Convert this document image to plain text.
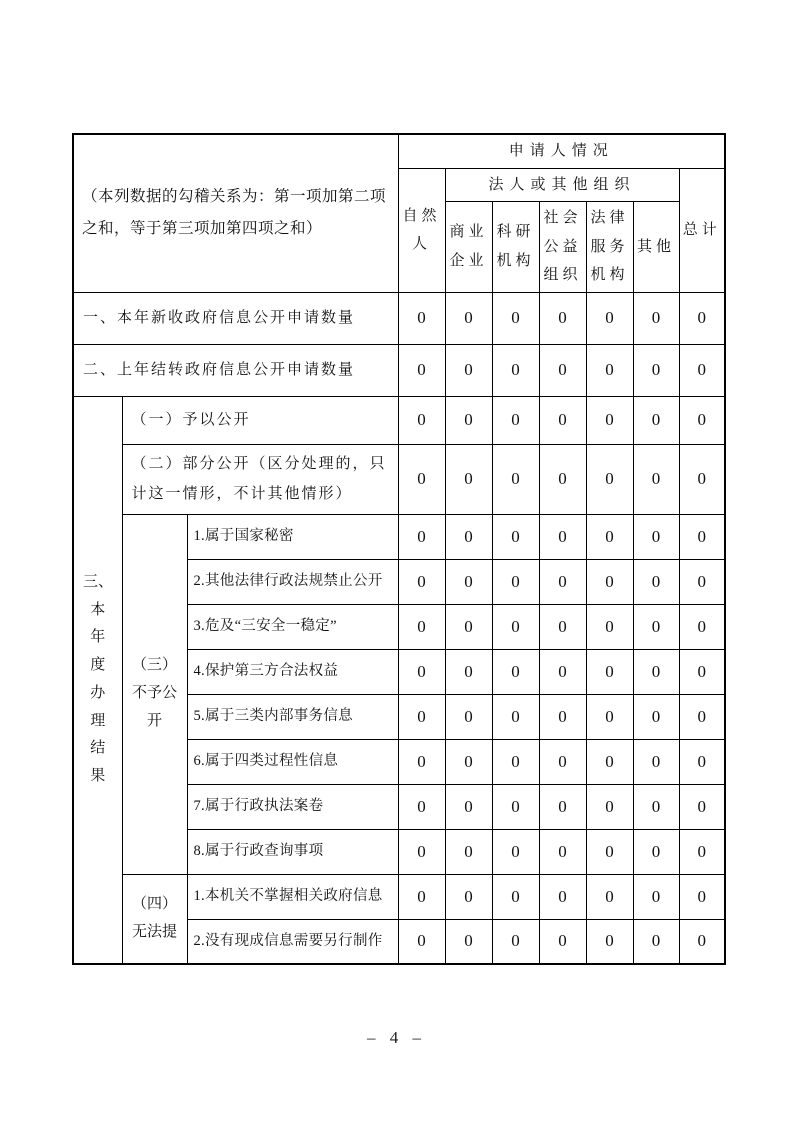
（本列数据的勾稽关系为：第一项加第二项之和，等于第三项加第四项之和）			申请人情况						
			自然人	法人或其他组织					总计
				商业企业	科研机构	社会公益组织	法律服务机构	其他	
一、本年新收政府信息公开申请数量			0	0	0	0	0	0	0
二、上年结转政府信息公开申请数量			0	0	0	0	0	0	0
三、本年度办理结果	（一）予以公开		0	0	0	0	0	0	0
	（二）部分公开（区分处理的，只计这一情形，不计其他情形）		0	0	0	0	0	0	0
	（三）不予公开	1.属于国家秘密	0	0	0	0	0	0	0
		2.其他法律行政法规禁止公开	0	0	0	0	0	0	0
		3.危及“三安全一稳定”	0	0	0	0	0	0	0
		4.保护第三方合法权益	0	0	0	0	0	0	0
		5.属于三类内部事务信息	0	0	0	0	0	0	0
		6.属于四类过程性信息	0	0	0	0	0	0	0
		7.属于行政执法案卷	0	0	0	0	0	0	0
		8.属于行政查询事项	0	0	0	0	0	0	0
	（四）无法提	1.本机关不掌握相关政府信息	0	0	0	0	0	0	0
		2.没有现成信息需要另行制作	0	0	0	0	0	0	0
– 4 –
